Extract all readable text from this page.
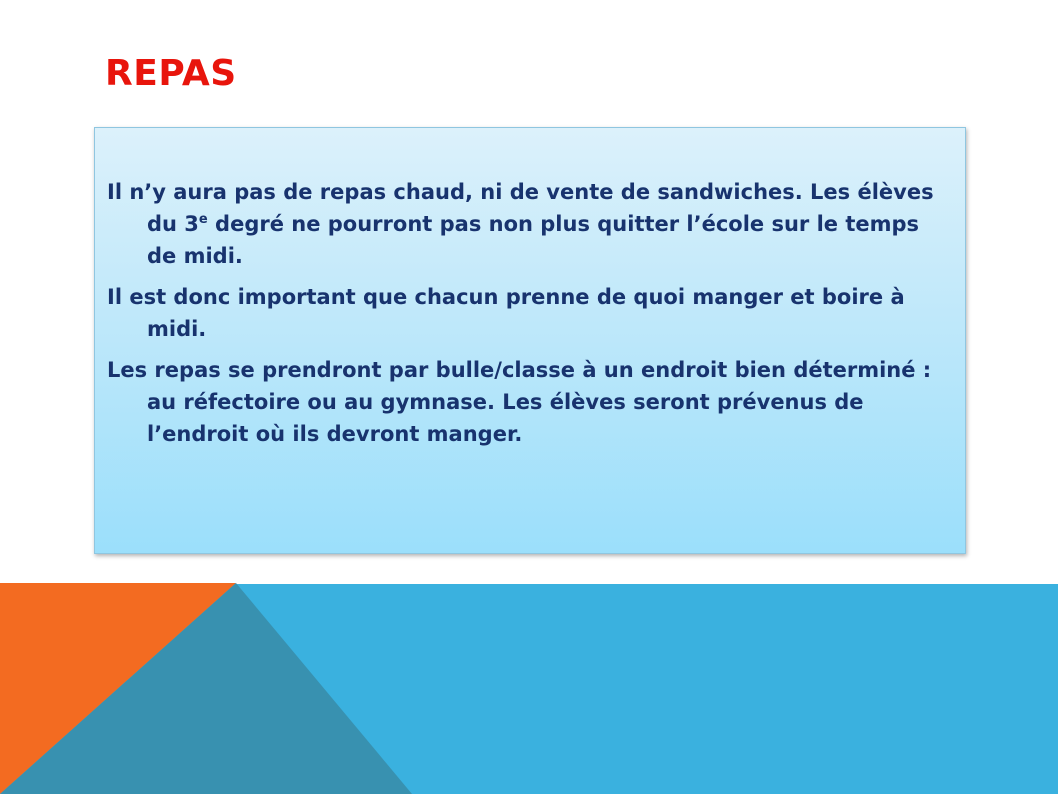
REPAS

Il n’y aura pas de repas chaud, ni de vente de sandwiches. Les élèves du 3e degré ne pourront pas non plus quitter l’école sur le temps de midi.

Il est donc important que chacun prenne de quoi manger et boire à midi.

Les repas se prendront par bulle/classe à un endroit bien déterminé : au réfectoire ou au gymnase. Les élèves seront prévenus de l’endroit où ils devront manger.
